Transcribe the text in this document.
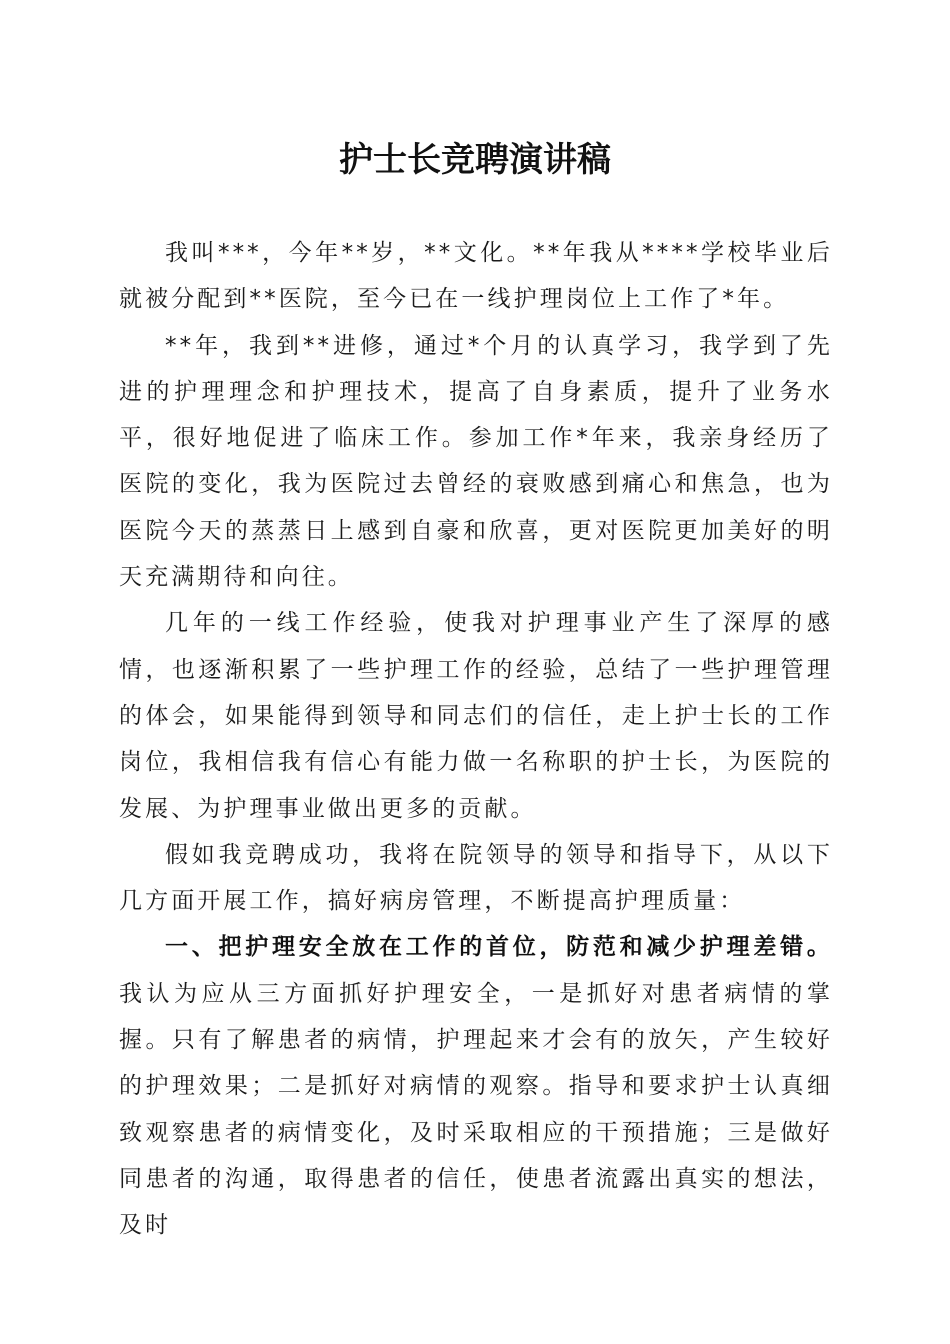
护士长竞聘演讲稿

我叫***，今年**岁，**文化。**年我从****学校毕业后就被分配到**医院，至今已在一线护理岗位上工作了*年。

**年，我到**进修，通过*个月的认真学习，我学到了先进的护理理念和护理技术，提高了自身素质，提升了业务水平，很好地促进了临床工作。参加工作*年来，我亲身经历了医院的变化，我为医院过去曾经的衰败感到痛心和焦急，也为医院今天的蒸蒸日上感到自豪和欣喜，更对医院更加美好的明天充满期待和向往。

几年的一线工作经验，使我对护理事业产生了深厚的感情，也逐渐积累了一些护理工作的经验，总结了一些护理管理的体会，如果能得到领导和同志们的信任，走上护士长的工作岗位，我相信我有信心有能力做一名称职的护士长，为医院的发展、为护理事业做出更多的贡献。

假如我竞聘成功，我将在院领导的领导和指导下，从以下几方面开展工作，搞好病房管理，不断提高护理质量：

一、把护理安全放在工作的首位，防范和减少护理差错。我认为应从三方面抓好护理安全，一是抓好对患者病情的掌握。只有了解患者的病情，护理起来才会有的放矢，产生较好的护理效果；二是抓好对病情的观察。指导和要求护士认真细致观察患者的病情变化，及时采取相应的干预措施；三是做好同患者的沟通，取得患者的信任，使患者流露出真实的想法，及时
